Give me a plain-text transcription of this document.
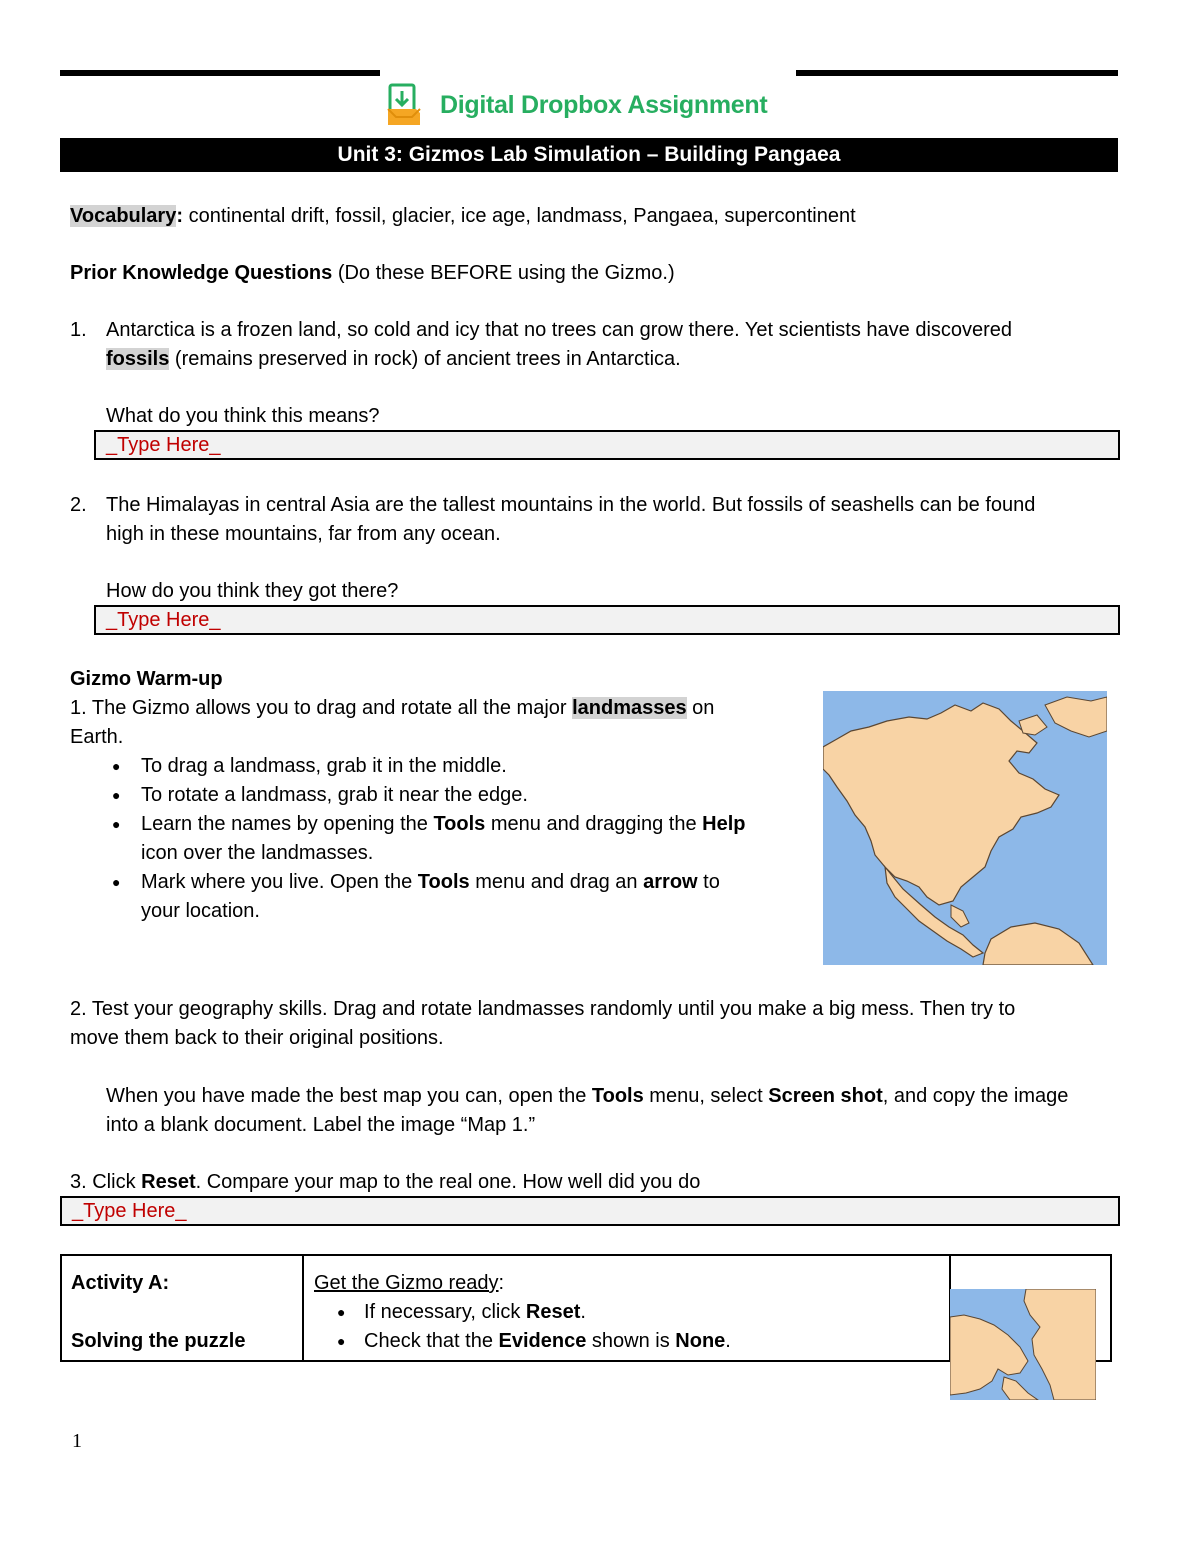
Digital Dropbox Assignment
Unit 3: Gizmos Lab Simulation – Building Pangaea
Vocabulary: continental drift, fossil, glacier, ice age, landmass, Pangaea, supercontinent
Prior Knowledge Questions (Do these BEFORE using the Gizmo.)
1. Antarctica is a frozen land, so cold and icy that no trees can grow there. Yet scientists have discovered
fossils (remains preserved in rock) of ancient trees in Antarctica.
What do you think this means?
_Type Here_
2. The Himalayas in central Asia are the tallest mountains in the world. But fossils of seashells can be found
high in these mountains, far from any ocean.
How do you think they got there?
_Type Here_
Gizmo Warm-up
1. The Gizmo allows you to drag and rotate all the major landmasses on
Earth.
● To drag a landmass, grab it in the middle.
● To rotate a landmass, grab it near the edge.
● Learn the names by opening the Tools menu and dragging the Help
icon over the landmasses.
● Mark where you live. Open the Tools menu and drag an arrow to
your location.
2. Test your geography skills. Drag and rotate landmasses randomly until you make a big mess. Then try to
move them back to their original positions.
When you have made the best map you can, open the Tools menu, select Screen shot, and copy the image
into a blank document. Label the image “Map 1.”
3. Click Reset. Compare your map to the real one. How well did you do
_Type Here_
Activity A:
Solving the puzzle
Get the Gizmo ready:
● If necessary, click Reset.
● Check that the Evidence shown is None.
1
